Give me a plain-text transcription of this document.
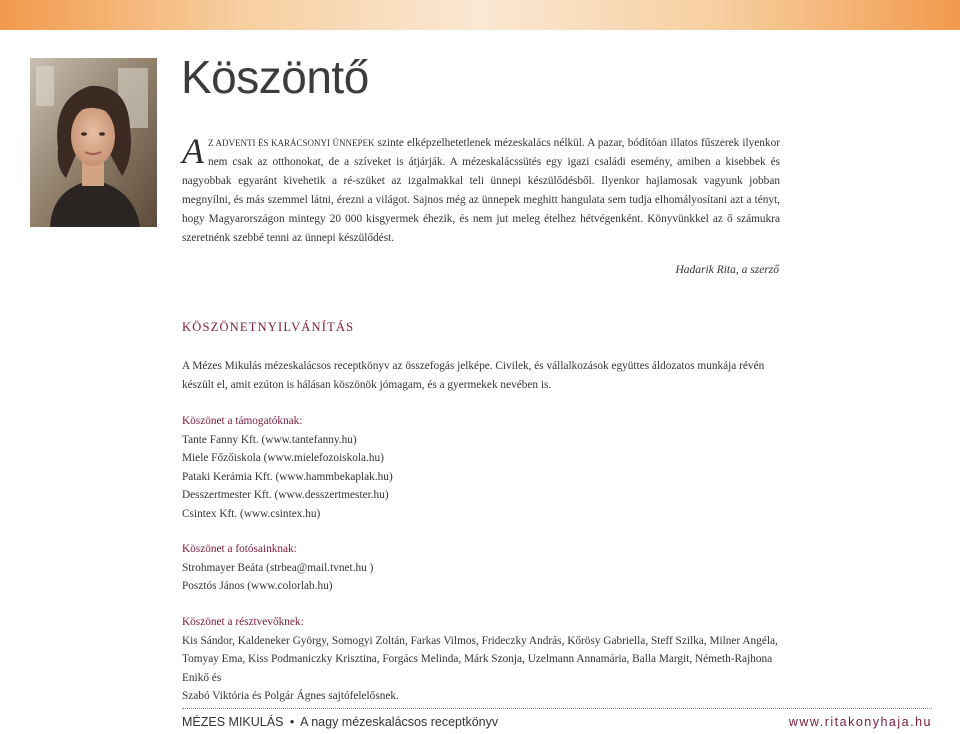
Köszöntő

AZ ADVENTI ÉS KARÁCSONYI ÜNNEPEK szinte elképzelhetetlenek mézeskalács nélkül. A pazar, bódítóan illatos fűszerek ilyenkor nem csak az otthonokat, de a szíveket is átjárják. A mézeskalácssütés egy igazi családi esemény, amiben a kisebbek és nagyobbak egyaránt kivehetik a ré-szüket az izgalmakkal teli ünnepi készülődésből. Ilyenkor hajlamosak vagyunk jobban megnyílni, és más szemmel látni, érezni a világot. Sajnos még az ünnepek meghitt hangulata sem tudja elhomályosítani azt a tényt, hogy Magyarországon mintegy 20 000 kisgyermek éhezik, és nem jut meleg ételhez hétvégenként. Könyvünkkel az ő számukra szeretnénk szebbé tenni az ünnepi készülődést.

Hadarik Rita, a szerző

KÖSZÖNETNYILVÁNÍTÁS

A Mézes Mikulás mézeskalácsos receptkönyv az összefogás jelképe. Civilek, és vállalkozások együttes áldozatos munkája révén készült el, amit ezúton is hálásan köszönök jómagam, és a gyermekek nevében is.

Köszönet a támogatóknak:
Tante Fanny Kft. (www.tantefanny.hu)
Miele Főzőiskola (www.mielefozoiskola.hu)
Pataki Kerámia Kft. (www.hammbekaplak.hu)
Desszertmester Kft. (www.desszertmester.hu)
Csintex Kft. (www.csintex.hu)
Köszönet a fotósainknak:
Strohmayer Beáta (strbea@mail.tvnet.hu )
Posztós János (www.colorlab.hu)
Köszönet a résztvevőknek:
Kis Sándor, Kaldeneker György, Somogyi Zoltán, Farkas Vilmos, Frideczky András, Kőrösy Gabriella, Steff Szilka, Milner Angéla,
Tomyay Ema, Kiss Podmaniczky Krisztina, Forgács Melinda, Márk Szonja, Uzelmann Annamária, Balla Margit, Németh-Rajhona Enikő és
Szabó Viktória és Polgár Ágnes sajtófelelősnek.
MÉZES MIKULÁS • A nagy mézeskalácsos receptkönyv	www.ritakonyhaja.hu
